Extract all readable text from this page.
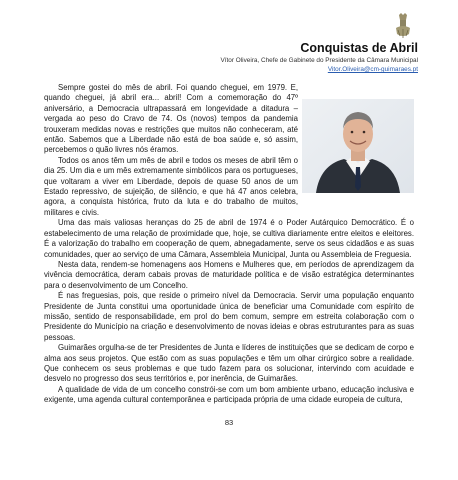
Conquistas de Abril
Vítor Oliveira, Chefe de Gabinete do Presidente da Câmara Municipal
Vitor.Oliveira@cm-guimaraes.pt

Sempre gostei do mês de abril. Foi quando cheguei, em 1979. E, quando cheguei, já abril era... abril! Com a comemoração do 47º aniversário, a Democracia ultrapassará em longevidade a ditadura – vergada ao peso do Cravo de 74. Os (novos) tempos da pandemia trouxeram medidas novas e restrições que muitos não conheceram, até então. Sabemos que a Liberdade não está de boa saúde e, só assim, percebemos o quão livres nós éramos.

Todos os anos têm um mês de abril e todos os meses de abril têm o dia 25. Um dia e um mês extremamente simbólicos para os portugueses, que voltaram a viver em Liberdade, depois de quase 50 anos de um Estado repressivo, de sujeição, de silêncio, e que há 47 anos celebra, agora, a conquista histórica, fruto da luta e do trabalho de muitos, militares e civis.

Uma das mais valiosas heranças do 25 de abril de 1974 é o Poder Autárquico Democrático. É o estabelecimento de uma relação de proximidade que, hoje, se cultiva diariamente entre eleitos e eleitores. É a valorização do trabalho em cooperação de quem, abnegadamente, serve os seus cidadãos e as suas comunidades, quer ao serviço de uma Câmara, Assembleia Municipal, Junta ou Assembleia de Freguesia.

Nesta data, rendem-se homenagens aos Homens e Mulheres que, em períodos de aprendizagem da vivência democrática, deram cabais provas de maturidade política e de visão estratégica determinantes para o desenvolvimento de um Concelho.

É nas freguesias, pois, que reside o primeiro nível da Democracia. Servir uma população enquanto Presidente de Junta constitui uma oportunidade única de beneficiar uma Comunidade com espírito de missão, sentido de responsabilidade, em prol do bem comum, sempre em estreita colaboração com o Presidente do Município na criação e desenvolvimento de novas ideias e obras estruturantes para as suas pessoas.

Guimarães orgulha-se de ter Presidentes de Junta e líderes de instituições que se dedicam de corpo e alma aos seus projetos. Que estão com as suas populações e têm um olhar cirúrgico sobre a realidade. Que conhecem os seus problemas e que tudo fazem para os solucionar, intervindo com acuidade e desvelo no progresso dos seus territórios e, por inerência, de Guimarães.

A qualidade de vida de um concelho constrói-se com um bom ambiente urbano, educação inclusiva e exigente, uma agenda cultural contemporânea e participada própria de uma cidade europeia de cultura,

83
